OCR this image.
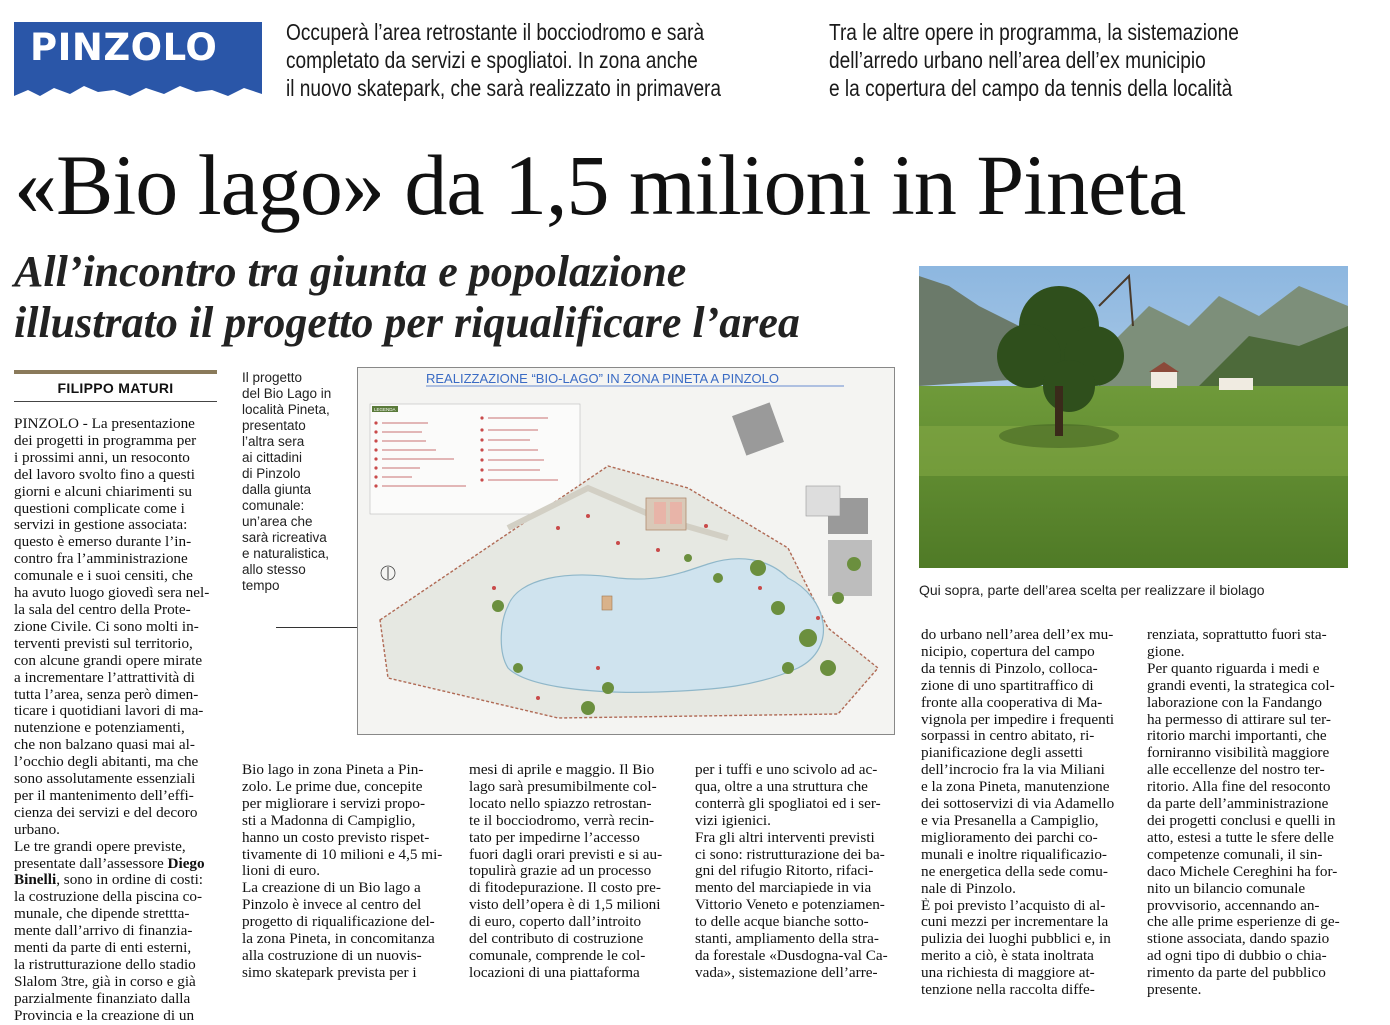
PINZOLO	Occuperà l’area retrostante il bocciodromo e sarà
completato da servizi e spogliatoi. In zona anche
il nuovo skatepark, che sarà realizzato in primavera
Tra le altre opere in programma, la sistemazione
dell’arredo urbano nell’area dell’ex municipio
e la copertura del campo da tennis della località
«Bio lago» da 1,5 milioni in Pineta
All’incontro tra giunta e popolazione
illustrato il progetto per riqualificare l’area
FILIPPO MATURI
PINZOLO - La presentazione
dei progetti in programma per
i prossimi anni, un resoconto
del lavoro svolto fino a questi
giorni e alcuni chiarimenti su
questioni complicate come i
servizi in gestione associata:
questo è emerso durante l’in-
contro fra l’amministrazione
comunale e i suoi censiti, che
ha avuto luogo giovedì sera nel-
la sala del centro della Prote-
zione Civile. Ci sono molti in-
terventi previsti sul territorio,
con alcune grandi opere mirate
a incrementare l’attrattività di
tutta l’area, senza però dimen-
ticare i quotidiani lavori di ma-
nutenzione e potenziamenti,
che non balzano quasi mai al-
l’occhio degli abitanti, ma che
sono assolutamente essenziali
per il mantenimento dell’effi-
cienza dei servizi e del decoro
urbano.
Le tre grandi opere previste,
presentate dall’assessore Diego
Binelli, sono in ordine di costi:
la costruzione della piscina co-
munale, che dipende strettta-
mente dall’arrivo di finanzia-
menti da parte di enti esterni,
la ristrutturazione dello stadio
Slalom 3tre, già in corso e già
parzialmente finanziato dalla
Provincia e la creazione di un
Il progetto
del Bio Lago in
località Pineta,
presentato
l’altra sera
ai cittadini
di Pinzolo
dalla giunta
comunale:
un’area che
sarà ricreativa
e naturalistica,
allo stesso
tempo
REALIZZAZIONE “BIO-LAGO” IN ZONA PINETA A PINZOLO
LEGENDA
Qui sopra, parte dell’area scelta per realizzare il biolago
Bio lago in zona Pineta a Pin-
zolo. Le prime due, concepite
per migliorare i servizi propo-
sti a Madonna di Campiglio,
hanno un costo previsto rispet-
tivamente di 10 milioni e 4,5 mi-
lioni di euro.
La creazione di un Bio lago a
Pinzolo è invece al centro del
progetto di riqualificazione del-
la zona Pineta, in concomitanza
alla costruzione di un nuovis-
simo skatepark prevista per i
mesi di aprile e maggio. Il Bio
lago sarà presumibilmente col-
locato nello spiazzo retrostan-
te il bocciodromo, verrà recin-
tato per impedirne l’accesso
fuori dagli orari previsti e si au-
topulirà grazie ad un processo
di fitodepurazione. Il costo pre-
visto dell’opera è di 1,5 milioni
di euro, coperto dall’introito
del contributo di costruzione
comunale, comprende le col-
locazioni di una piattaforma
per i tuffi e uno scivolo ad ac-
qua, oltre a una struttura che
conterrà gli spogliatoi ed i ser-
vizi igienici.
Fra gli altri interventi previsti
ci sono: ristrutturazione dei ba-
gni del rifugio Ritorto, rifaci-
mento del marciapiede in via
Vittorio Veneto e potenziamen-
to delle acque bianche sotto-
stanti, ampliamento della stra-
da forestale «Dusdogna-val Ca-
vada», sistemazione dell’arre-
do urbano nell’area dell’ex mu-
nicipio, copertura del campo
da tennis di Pinzolo, colloca-
zione di uno spartitraffico di
fronte alla cooperativa di Ma-
vignola per impedire i frequenti
sorpassi in centro abitato, ri-
pianificazione degli assetti
dell’incrocio fra la via Miliani
e la zona Pineta, manutenzione
dei sottoservizi di via Adamello
e via Presanella a Campiglio,
miglioramento dei parchi co-
munali e inoltre riqualificazio-
ne energetica della sede comu-
nale di Pinzolo.
È poi previsto l’acquisto di al-
cuni mezzi per incrementare la
pulizia dei luoghi pubblici e, in
merito a ciò, è stata inoltrata
una richiesta di maggiore at-
tenzione nella raccolta diffe-
renziata, soprattutto fuori sta-
gione.
Per quanto riguarda i medi e
grandi eventi, la strategica col-
laborazione con la Fandango
ha permesso di attirare sul ter-
ritorio marchi importanti, che
forniranno visibilità maggiore
alle eccellenze del nostro ter-
ritorio. Alla fine del resoconto
da parte dell’amministrazione
dei progetti conclusi e quelli in
atto, estesi a tutte le sfere delle
competenze comunali, il sin-
daco Michele Cereghini ha for-
nito un bilancio comunale
provvisorio, accennando an-
che alle prime esperienze di ge-
stione associata, dando spazio
ad ogni tipo di dubbio o chia-
rimento da parte del pubblico
presente.
